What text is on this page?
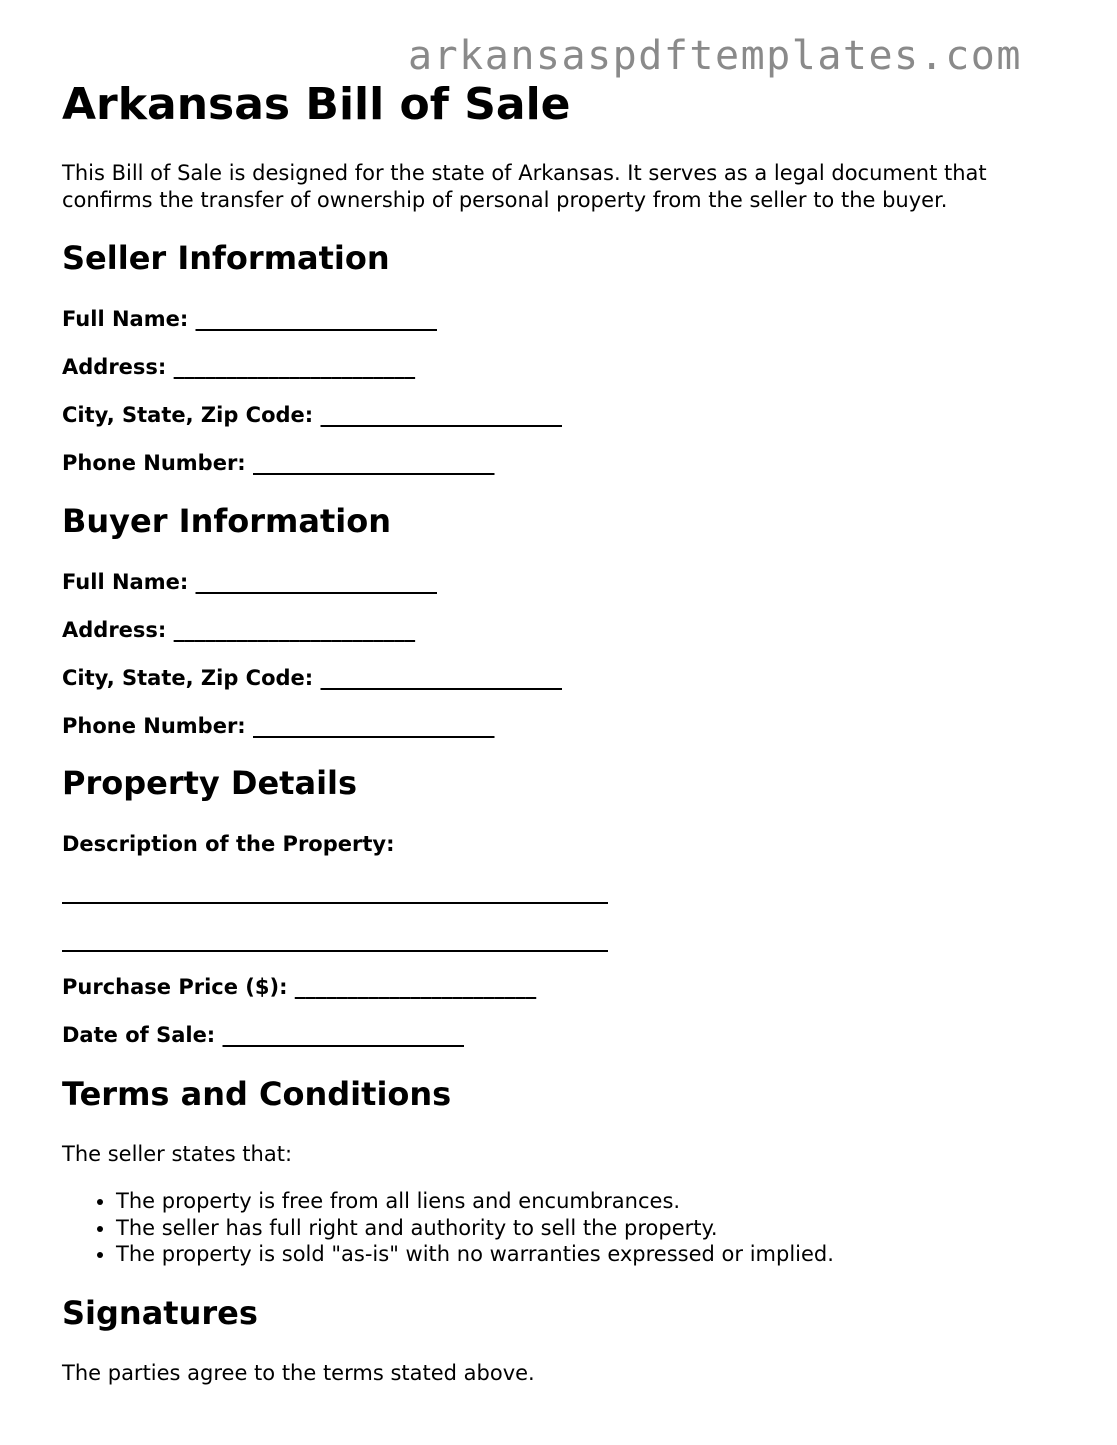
arkansaspdftemplates.com
Arkansas Bill of Sale

This Bill of Sale is designed for the state of Arkansas. It serves as a legal document that confirms the transfer of ownership of personal property from the seller to the buyer.

Seller Information
Full Name: _______________________
Address: _______________________
City, State, Zip Code: _______________________
Phone Number: _______________________
Buyer Information
Full Name: _______________________
Address: _______________________
City, State, Zip Code: _______________________
Phone Number: _______________________
Property Details
Description of the Property:
____________________________________________________
____________________________________________________
Purchase Price ($): _______________________
Date of Sale: _______________________
Terms and Conditions

The seller states that:

• The property is free from all liens and encumbrances.
• The seller has full right and authority to sell the property.
• The property is sold "as-is" with no warranties expressed or implied.
Signatures

The parties agree to the terms stated above.
